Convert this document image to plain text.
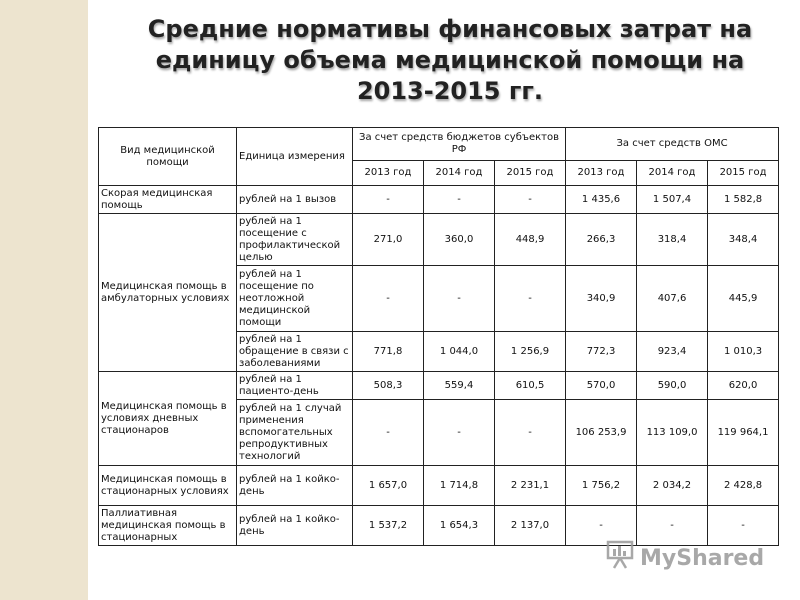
Средние нормативы финансовых затрат на единицу объема медицинской помощи на 2013-2015 гг.
Вид медицинской помощи	Единица измерения	За счет средств бюджетов субъектов РФ			За счет средств ОМС		
		2013 год	2014 год	2015 год	2013 год	2014 год	2015 год
Скорая медицинская помощь	рублей на 1 вызов	-	-	-	1 435,6	1 507,4	1 582,8
Медицинская помощь в амбулаторных условиях	рублей на 1 посещение с профилактической целью	271,0	360,0	448,9	266,3	318,4	348,4
	рублей на 1 посещение по неотложной медицинской помощи	-	-	-	340,9	407,6	445,9
	рублей на 1 обращение в связи с заболеваниями	771,8	1 044,0	1 256,9	772,3	923,4	1 010,3
Медицинская помощь в условиях дневных стационаров	рублей на 1 пациенто-день	508,3	559,4	610,5	570,0	590,0	620,0
	рублей на 1 случай применения вспомогательных репродуктивных технологий	-	-	-	106 253,9	113 109,0	119 964,1
Медицинская помощь в стационарных условиях	рублей на 1 койко-день	1 657,0	1 714,8	2 231,1	1 756,2	2 034,2	2 428,8
Паллиативная медицинская помощь в стационарных	рублей на 1 койко-день	1 537,2	1 654,3	2 137,0	-	-	-
MyShared
